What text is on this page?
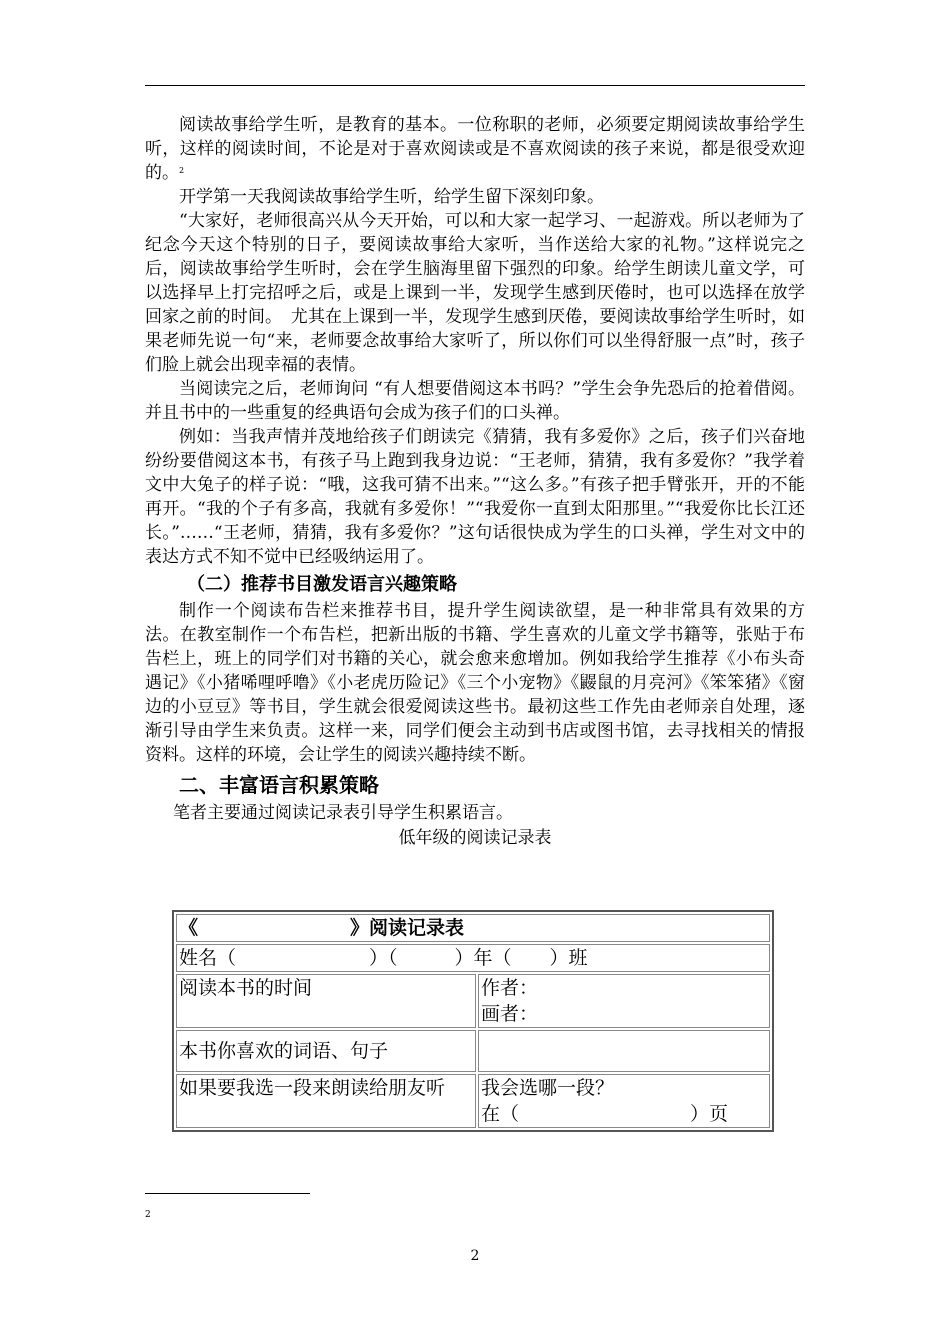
阅读故事给学生听，是教育的基本。一位称职的老师，必须要定期阅读故事给学生听，这样的阅读时间，不论是对于喜欢阅读或是不喜欢阅读的孩子来说，都是很受欢迎的。$^2$

开学第一天我阅读故事给学生听，给学生留下深刻印象。

“大家好，老师很高兴从今天开始，可以和大家一起学习、一起游戏。所以老师为了纪念今天这个特别的日子，要阅读故事给大家听，当作送给大家的礼物。”这样说完之后，阅读故事给学生听时，会在学生脑海里留下强烈的印象。给学生朗读儿童文学，可以选择早上打完招呼之后，或是上课到一半，发现学生感到厌倦时，也可以选择在放学回家之前的时间。　尤其在上课到一半，发现学生感到厌倦，要阅读故事给学生听时，如果老师先说一句“来，老师要念故事给大家听了，所以你们可以坐得舒服一点”时，孩子们脸上就会出现幸福的表情。

当阅读完之后，老师询问 “有人想要借阅这本书吗？”学生会争先恐后的抢着借阅。并且书中的一些重复的经典语句会成为孩子们的口头禅。

例如：当我声情并茂地给孩子们朗读完《猜猜，我有多爱你》之后，孩子们兴奋地纷纷要借阅这本书，有孩子马上跑到我身边说：“王老师，猜猜，我有多爱你？”我学着文中大兔子的样子说：“哦，这我可猜不出来。”“这么多。”有孩子把手臂张开，开的不能再开。“我的个子有多高，我就有多爱你！”“我爱你一直到太阳那里。”“我爱你比长江还长。”……“王老师，猜猜，我有多爱你？”这句话很快成为学生的口头禅，学生对文中的表达方式不知不觉中已经吸纳运用了。

（二）推荐书目激发语言兴趣策略

制作一个阅读布告栏来推荐书目，提升学生阅读欲望，是一种非常具有效果的方法。在教室制作一个布告栏，把新出版的书籍、学生喜欢的儿童文学书籍等，张贴于布告栏上，班上的同学们对书籍的关心，就会愈来愈增加。例如我给学生推荐《小布头奇遇记》《小猪唏哩呼噜》《小老虎历险记》《三个小宠物》《鼹鼠的月亮河》《笨笨猪》《窗边的小豆豆》等书目，学生就会很爱阅读这些书。最初这些工作先由老师亲自处理，逐渐引导由学生来负责。这样一来，同学们便会主动到书店或图书馆，去寻找相关的情报资料。这样的环境，会让学生的阅读兴趣持续不断。

二、丰富语言积累策略

笔者主要通过阅读记录表引导学生积累语言。

低年级的阅读记录表

《　　　　　　　　》阅读记录表	
姓名（　　　　　　　）（　　　）年（　　）班	
阅读本书的时间	作者：
画者：

本书你喜欢的词语、句子	
如果要我选一段来朗读给朋友听	我会选哪一段？
在（　　　　　　　　　）页
2
2
